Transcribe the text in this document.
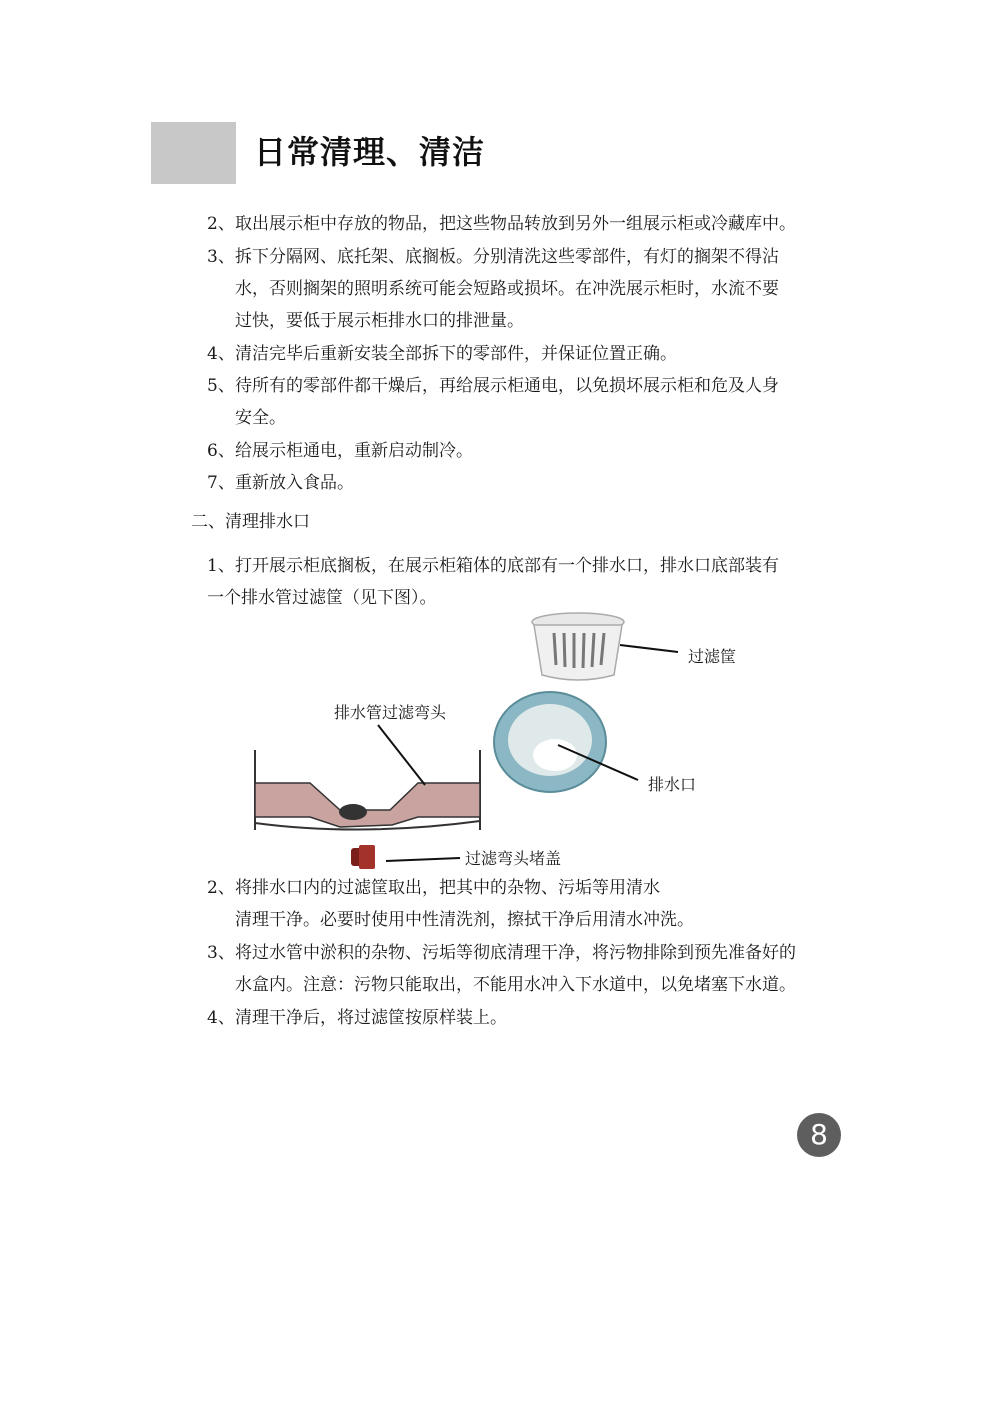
日常清理、清洁

2、取出展示柜中存放的物品，把这些物品转放到另外一组展示柜或冷藏库中。

3、拆下分隔网、底托架、底搁板。分别清洗这些零部件，有灯的搁架不得沾
水，否则搁架的照明系统可能会短路或损坏。在冲洗展示柜时，水流不要
过快，要低于展示柜排水口的排泄量。

4、清洁完毕后重新安装全部拆下的零部件，并保证位置正确。

5、待所有的零部件都干燥后，再给展示柜通电，以免损坏展示柜和危及人身
安全。

6、给展示柜通电，重新启动制冷。

7、重新放入食品。

二、清理排水口

1、打开展示柜底搁板，在展示柜箱体的底部有一个排水口，排水口底部装有
一个排水管过滤筐（见下图）。

过滤筐
排水管过滤弯头
排水口
过滤弯头堵盖

2、将排水口内的过滤筐取出，把其中的杂物、污垢等用清水
清理干净。必要时使用中性清洗剂，擦拭干净后用清水冲洗。

3、将过水管中淤积的杂物、污垢等彻底清理干净，将污物排除到预先准备好的
水盒内。注意：污物只能取出，不能用水冲入下水道中，以免堵塞下水道。

4、清理干净后，将过滤筐按原样装上。

8
